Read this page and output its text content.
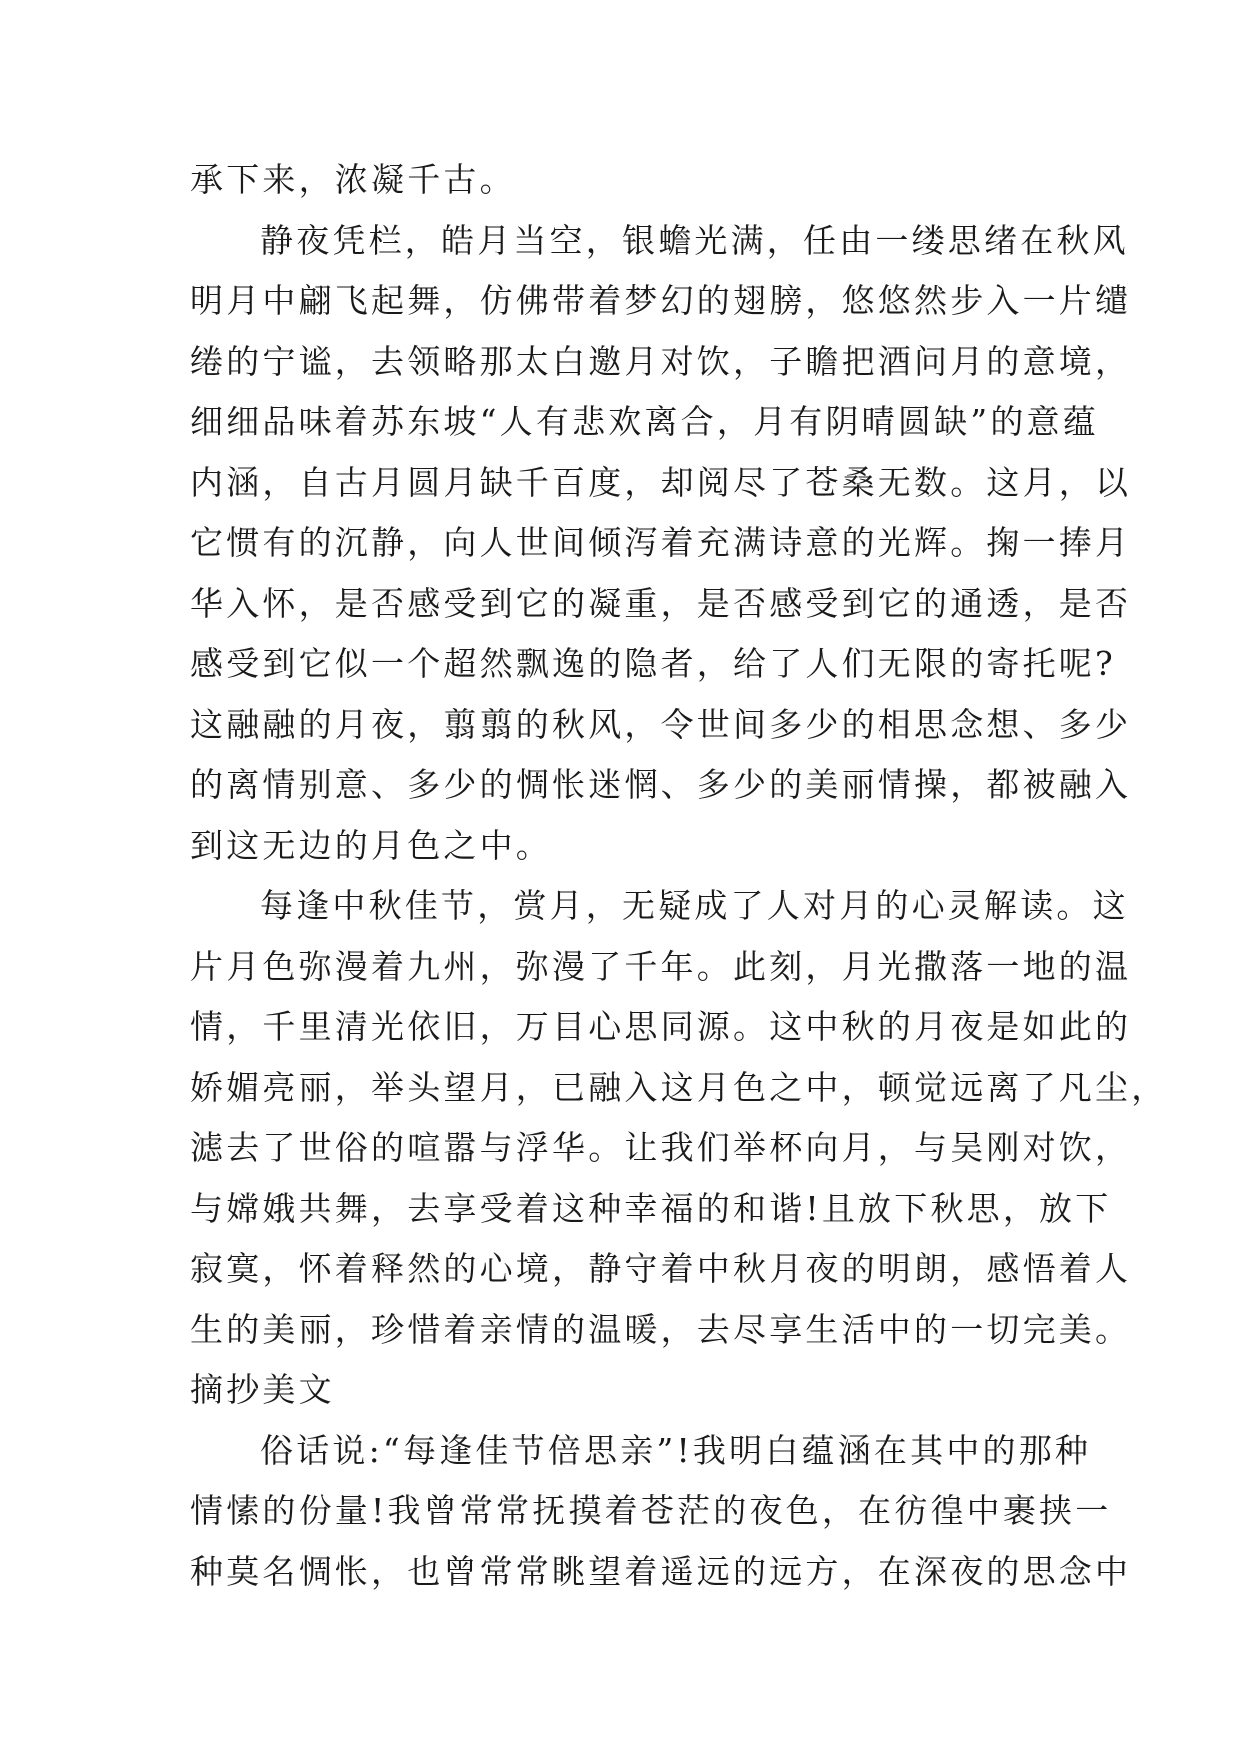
承下来，浓凝千古。
静夜凭栏，皓月当空，银蟾光满，任由一缕思绪在秋风
明月中翩飞起舞，仿佛带着梦幻的翅膀，悠悠然步入一片缱
绻的宁谧，去领略那太白邀月对饮，子瞻把酒问月的意境，
细细品味着苏东坡“人有悲欢离合，月有阴晴圆缺”的意蕴
内涵，自古月圆月缺千百度，却阅尽了苍桑无数。这月，以
它惯有的沉静，向人世间倾泻着充满诗意的光辉。掬一捧月
华入怀，是否感受到它的凝重，是否感受到它的通透，是否
感受到它似一个超然飘逸的隐者，给了人们无限的寄托呢?
这融融的月夜，翦翦的秋风，令世间多少的相思念想、多少
的离情别意、多少的惆怅迷惘、多少的美丽情操，都被融入
到这无边的月色之中。
每逢中秋佳节，赏月，无疑成了人对月的心灵解读。这
片月色弥漫着九州，弥漫了千年。此刻，月光撒落一地的温
情，千里清光依旧，万目心思同源。这中秋的月夜是如此的
娇媚亮丽，举头望月，已融入这月色之中，顿觉远离了凡尘，
滤去了世俗的喧嚣与浮华。让我们举杯向月，与吴刚对饮，
与嫦娥共舞，去享受着这种幸福的和谐!且放下秋思，放下
寂寞，怀着释然的心境，静守着中秋月夜的明朗，感悟着人
生的美丽，珍惜着亲情的温暖，去尽享生活中的一切完美。
摘抄美文
俗话说:“每逢佳节倍思亲”!我明白蕴涵在其中的那种
情愫的份量!我曾常常抚摸着苍茫的夜色，在彷徨中裹挟一
种莫名惆怅，也曾常常眺望着遥远的远方，在深夜的思念中
